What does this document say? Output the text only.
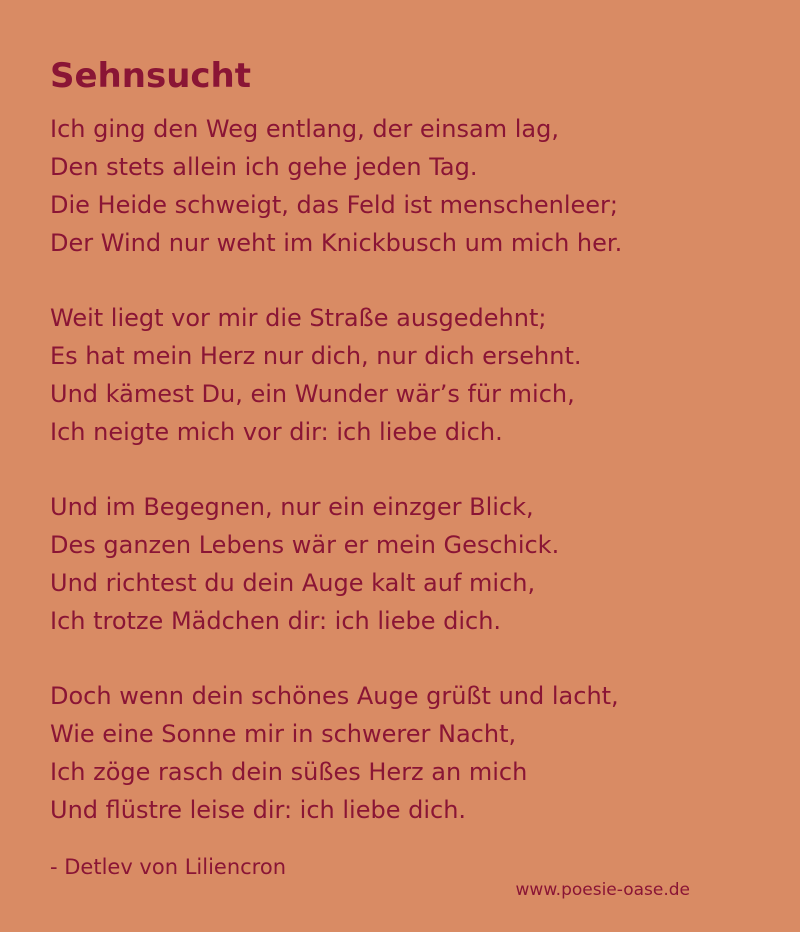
Sehnsucht
Ich ging den Weg entlang, der einsam lag,
Den stets allein ich gehe jeden Tag.
Die Heide schweigt, das Feld ist menschenleer;
Der Wind nur weht im Knickbusch um mich her.
Weit liegt vor mir die Straße ausgedehnt;
Es hat mein Herz nur dich, nur dich ersehnt.
Und kämest Du, ein Wunder wär’s für mich,
Ich neigte mich vor dir: ich liebe dich.
Und im Begegnen, nur ein einzger Blick,
Des ganzen Lebens wär er mein Geschick.
Und richtest du dein Auge kalt auf mich,
Ich trotze Mädchen dir: ich liebe dich.
Doch wenn dein schönes Auge grüßt und lacht,
Wie eine Sonne mir in schwerer Nacht,
Ich zöge rasch dein süßes Herz an mich
Und flüstre leise dir: ich liebe dich.
- Detlev von Liliencron
www.poesie-oase.de
